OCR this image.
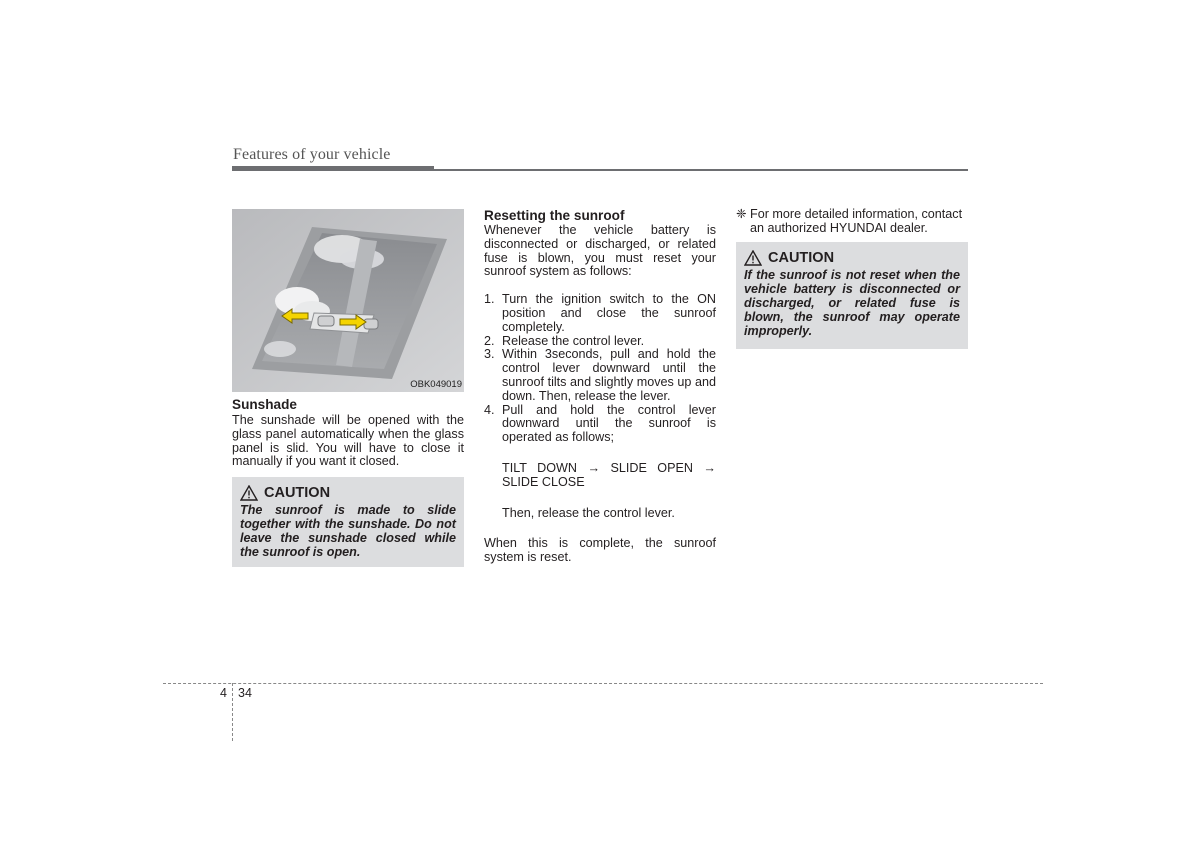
Features of your vehicle
OBK049019
Sunshade

The sunshade will be opened with the glass panel automatically when the glass panel is slid. You will have to close it manually if you want it closed.

CAUTION
The sunroof is made to slide together with the sunshade. Do not leave the sunshade closed while the sunroof is open.
Resetting the sunroof

Whenever the vehicle battery is disconnected or discharged, or related fuse is blown, you must reset your sunroof system as follows:

1. Turn the ignition switch to the ON position and close the sunroof completely.
2. Release the control lever.
3. Within 3seconds, pull and hold the control lever downward until the sunroof tilts and slightly moves up and down. Then, release the lever.
4. Pull and hold the control lever downward until the sunroof is operated as follows;

TILT DOWN → SLIDE OPEN → SLIDE CLOSE

Then, release the control lever.

When this is complete, the sunroof system is reset.

❈ For more detailed information, contact an authorized HYUNDAI dealer.
CAUTION
If the sunroof is not reset when the vehicle battery is disconnected or discharged, or related fuse is blown, the sunroof may operate improperly.
4 34
